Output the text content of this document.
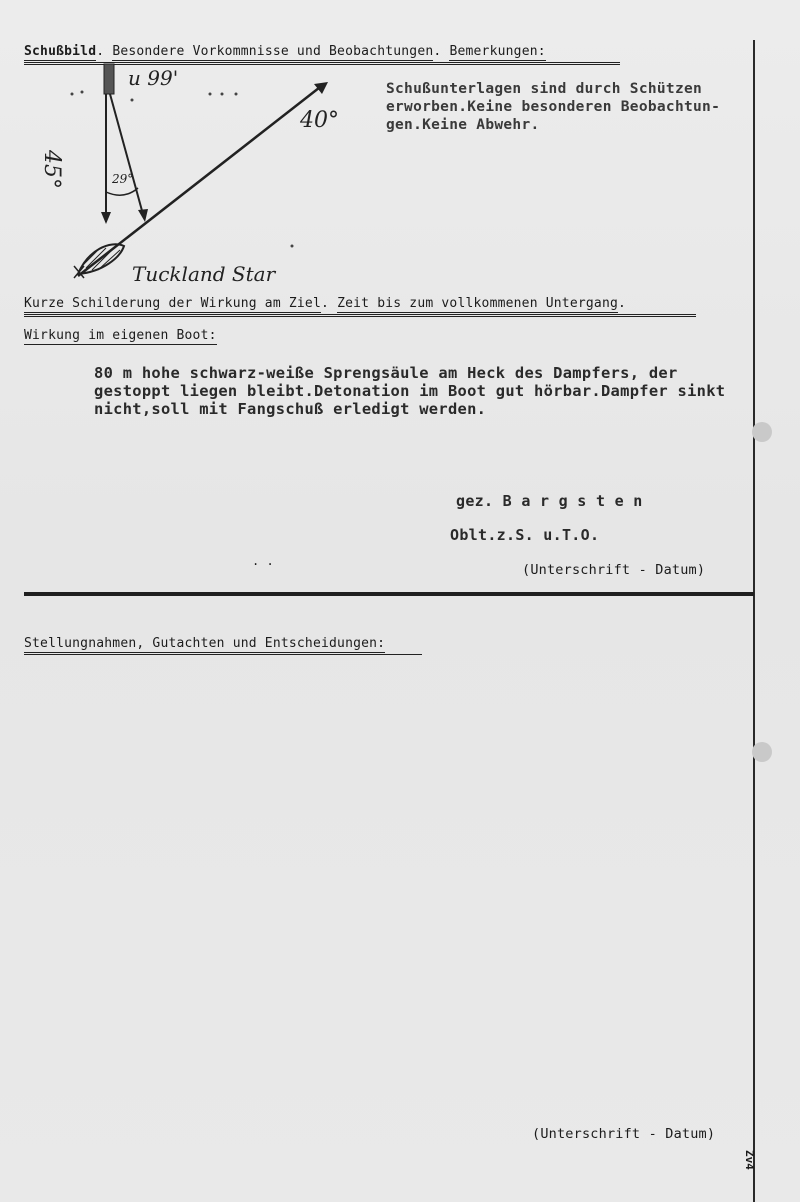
Schußbild. Besondere Vorkommnisse und Beobachtungen. Bemerkungen:
u 99'
45°	29°
40°
Tuckland Star
Schußunterlagen sind durch Schützen
erworben.Keine besonderen Beobachtun-
gen.Keine Abwehr.
Kurze Schilderung der Wirkung am Ziel. Zeit bis zum vollkommenen Untergang.
Wirkung im eigenen Boot:
80 m hohe schwarz-weiße Sprengsäule am Heck des Dampfers, der
gestoppt liegen bleibt.Detonation im Boot gut hörbar.Dampfer sinkt
nicht,soll mit Fangschuß erledigt werden.
gez. B a r g s t e n
Oblt.z.S. u.T.O.
(Unterschrift - Datum)
. .
Stellungnahmen, Gutachten und Entscheidungen:
(Unterschrift - Datum)
Zv4
